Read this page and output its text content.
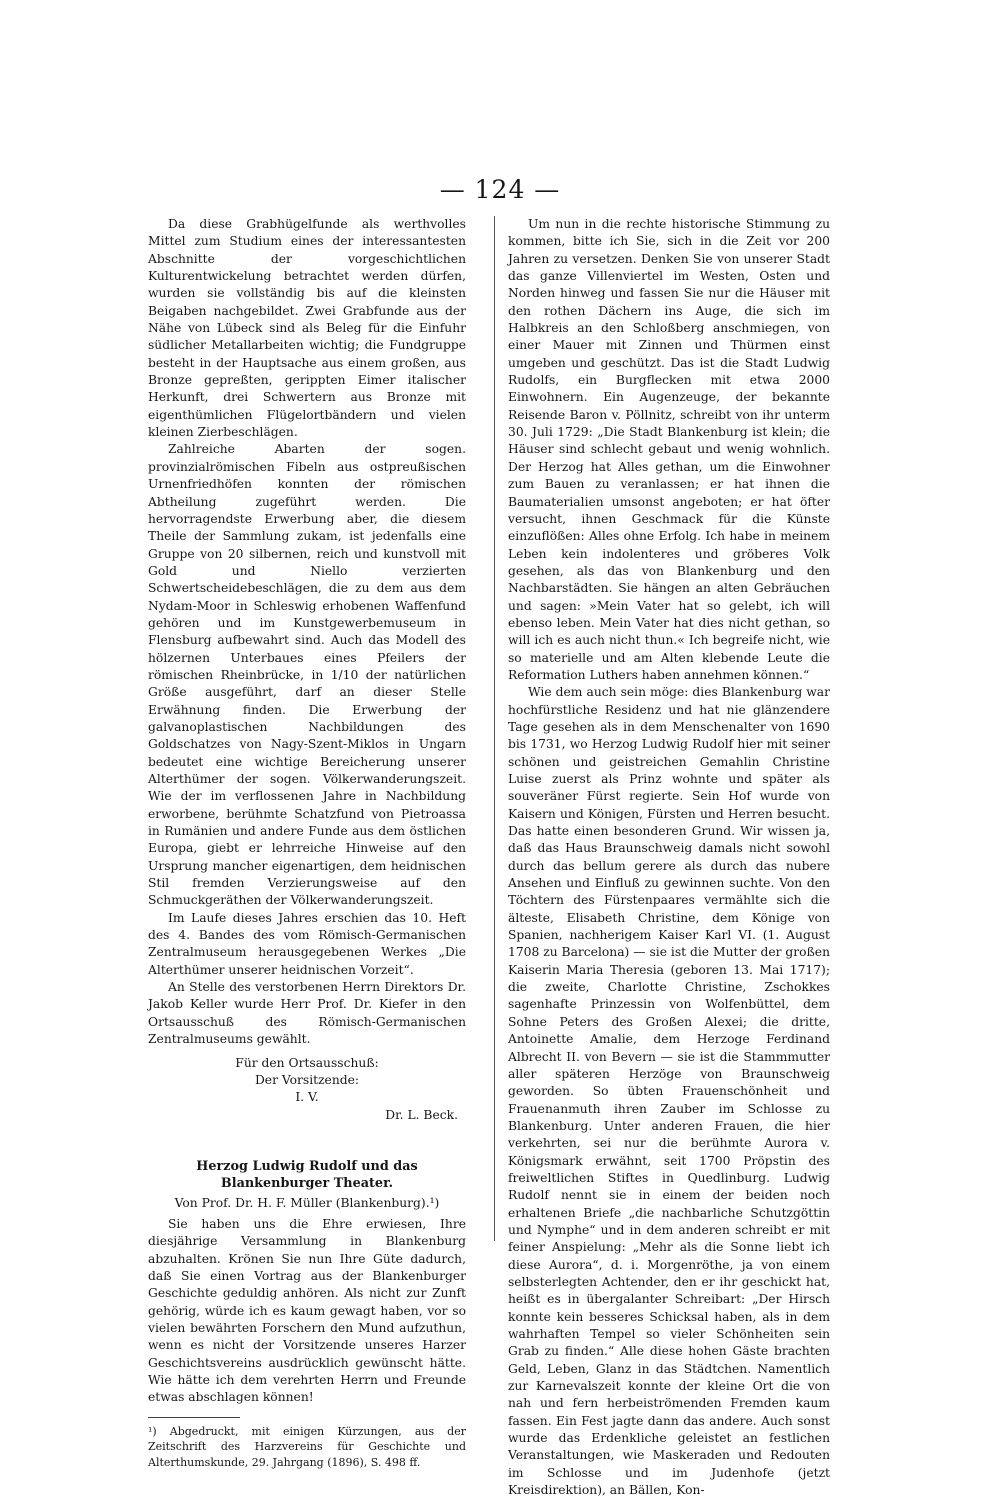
— 124 —

Da diese Grabhügelfunde als werthvolles Mittel zum Studium eines der interessantesten Abschnitte der vorgeschichtlichen Kulturentwickelung betrachtet werden dürfen, wurden sie vollständig bis auf die kleinsten Beigaben nachgebildet. Zwei Grabfunde aus der Nähe von Lübeck sind als Beleg für die Einfuhr südlicher Metallarbeiten wichtig; die Fundgruppe besteht in der Hauptsache aus einem großen, aus Bronze gepreßten, gerippten Eimer italischer Herkunft, drei Schwertern aus Bronze mit eigenthümlichen Flügelortbändern und vielen kleinen Zierbeschlägen.

Zahlreiche Abarten der sogen. provinzialrömischen Fibeln aus ostpreußischen Urnenfriedhöfen konnten der römischen Abtheilung zugeführt werden. Die hervorragendste Erwerbung aber, die diesem Theile der Sammlung zukam, ist jedenfalls eine Gruppe von 20 silbernen, reich und kunstvoll mit Gold und Niello verzierten Schwertscheidebeschlägen, die zu dem aus dem Nydam-Moor in Schleswig erhobenen Waffenfund gehören und im Kunstgewerbemuseum in Flensburg aufbewahrt sind. Auch das Modell des hölzernen Unterbaues eines Pfeilers der römischen Rheinbrücke, in 1/10 der natürlichen Größe ausgeführt, darf an dieser Stelle Erwähnung finden. Die Erwerbung der galvanoplastischen Nachbildungen des Goldschatzes von Nagy-Szent-Miklos in Ungarn bedeutet eine wichtige Bereicherung unserer Alterthümer der sogen. Völkerwanderungszeit. Wie der im verflossenen Jahre in Nachbildung erworbene, berühmte Schatzfund von Pietroassa in Rumänien und andere Funde aus dem östlichen Europa, giebt er lehrreiche Hinweise auf den Ursprung mancher eigenartigen, dem heidnischen Stil fremden Verzierungsweise auf den Schmuckgeräthen der Völkerwanderungszeit.

Im Laufe dieses Jahres erschien das 10. Heft des 4. Bandes des vom Römisch-Germanischen Zentralmuseum herausgegebenen Werkes „Die Alterthümer unserer heidnischen Vorzeit“.

An Stelle des verstorbenen Herrn Direktors Dr. Jakob Keller wurde Herr Prof. Dr. Kiefer in den Ortsausschuß des Römisch-Germanischen Zentralmuseums gewählt.

Für den Ortsausschuß:

Der Vorsitzende:

I. V.

Dr. L. Beck.

Herzog Ludwig Rudolf und das Blankenburger Theater.

Von Prof. Dr. H. F. Müller (Blankenburg).¹)

Sie haben uns die Ehre erwiesen, Ihre diesjährige Versammlung in Blankenburg abzuhalten. Krönen Sie nun Ihre Güte dadurch, daß Sie einen Vortrag aus der Blankenburger Geschichte geduldig anhören. Als nicht zur Zunft gehörig, würde ich es kaum gewagt haben, vor so vielen bewährten Forschern den Mund aufzuthun, wenn es nicht der Vorsitzende unseres Harzer Geschichtsvereins ausdrücklich gewünscht hätte. Wie hätte ich dem verehrten Herrn und Freunde etwas abschlagen können!

¹) Abgedruckt, mit einigen Kürzungen, aus der Zeitschrift des Harzvereins für Geschichte und Alterthumskunde, 29. Jahrgang (1896), S. 498 ff.

Um nun in die rechte historische Stimmung zu kommen, bitte ich Sie, sich in die Zeit vor 200 Jahren zu versetzen. Denken Sie von unserer Stadt das ganze Villenviertel im Westen, Osten und Norden hinweg und fassen Sie nur die Häuser mit den rothen Dächern ins Auge, die sich im Halbkreis an den Schloßberg anschmiegen, von einer Mauer mit Zinnen und Thürmen einst umgeben und geschützt. Das ist die Stadt Ludwig Rudolfs, ein Burgflecken mit etwa 2000 Einwohnern. Ein Augenzeuge, der bekannte Reisende Baron v. Pöllnitz, schreibt von ihr unterm 30. Juli 1729: „Die Stadt Blankenburg ist klein; die Häuser sind schlecht gebaut und wenig wohnlich. Der Herzog hat Alles gethan, um die Einwohner zum Bauen zu veranlassen; er hat ihnen die Baumaterialien umsonst angeboten; er hat öfter versucht, ihnen Geschmack für die Künste einzuflößen: Alles ohne Erfolg. Ich habe in meinem Leben kein indolenteres und gröberes Volk gesehen, als das von Blankenburg und den Nachbarstädten. Sie hängen an alten Gebräuchen und sagen: »Mein Vater hat so gelebt, ich will ebenso leben. Mein Vater hat dies nicht gethan, so will ich es auch nicht thun.« Ich begreife nicht, wie so materielle und am Alten klebende Leute die Reformation Luthers haben annehmen können.“

Wie dem auch sein möge: dies Blankenburg war hochfürstliche Residenz und hat nie glänzendere Tage gesehen als in dem Menschenalter von 1690 bis 1731, wo Herzog Ludwig Rudolf hier mit seiner schönen und geistreichen Gemahlin Christine Luise zuerst als Prinz wohnte und später als souveräner Fürst regierte. Sein Hof wurde von Kaisern und Königen, Fürsten und Herren besucht. Das hatte einen besonderen Grund. Wir wissen ja, daß das Haus Braunschweig damals nicht sowohl durch das bellum gerere als durch das nubere Ansehen und Einfluß zu gewinnen suchte. Von den Töchtern des Fürstenpaares vermählte sich die älteste, Elisabeth Christine, dem Könige von Spanien, nachherigem Kaiser Karl VI. (1. August 1708 zu Barcelona) — sie ist die Mutter der großen Kaiserin Maria Theresia (geboren 13. Mai 1717); die zweite, Charlotte Christine, Zschokkes sagenhafte Prinzessin von Wolfenbüttel, dem Sohne Peters des Großen Alexei; die dritte, Antoinette Amalie, dem Herzoge Ferdinand Albrecht II. von Bevern — sie ist die Stammmutter aller späteren Herzöge von Braunschweig geworden. So übten Frauenschönheit und Frauenanmuth ihren Zauber im Schlosse zu Blankenburg. Unter anderen Frauen, die hier verkehrten, sei nur die berühmte Aurora v. Königsmark erwähnt, seit 1700 Pröpstin des freiweltlichen Stiftes in Quedlinburg. Ludwig Rudolf nennt sie in einem der beiden noch erhaltenen Briefe „die nachbarliche Schutzgöttin und Nymphe“ und in dem anderen schreibt er mit feiner Anspielung: „Mehr als die Sonne liebt ich diese Aurora“, d. i. Morgenröthe, ja von einem selbsterlegten Achtender, den er ihr geschickt hat, heißt es in übergalanter Schreibart: „Der Hirsch konnte kein besseres Schicksal haben, als in dem wahrhaften Tempel so vieler Schönheiten sein Grab zu finden.“ Alle diese hohen Gäste brachten Geld, Leben, Glanz in das Städtchen. Namentlich zur Karnevalszeit konnte der kleine Ort die von nah und fern herbeiströmenden Fremden kaum fassen. Ein Fest jagte dann das andere. Auch sonst wurde das Erdenkliche geleistet an festlichen Veranstaltungen, wie Maskeraden und Redouten im Schlosse und im Judenhofe (jetzt Kreisdirektion), an Bällen, Kon-
